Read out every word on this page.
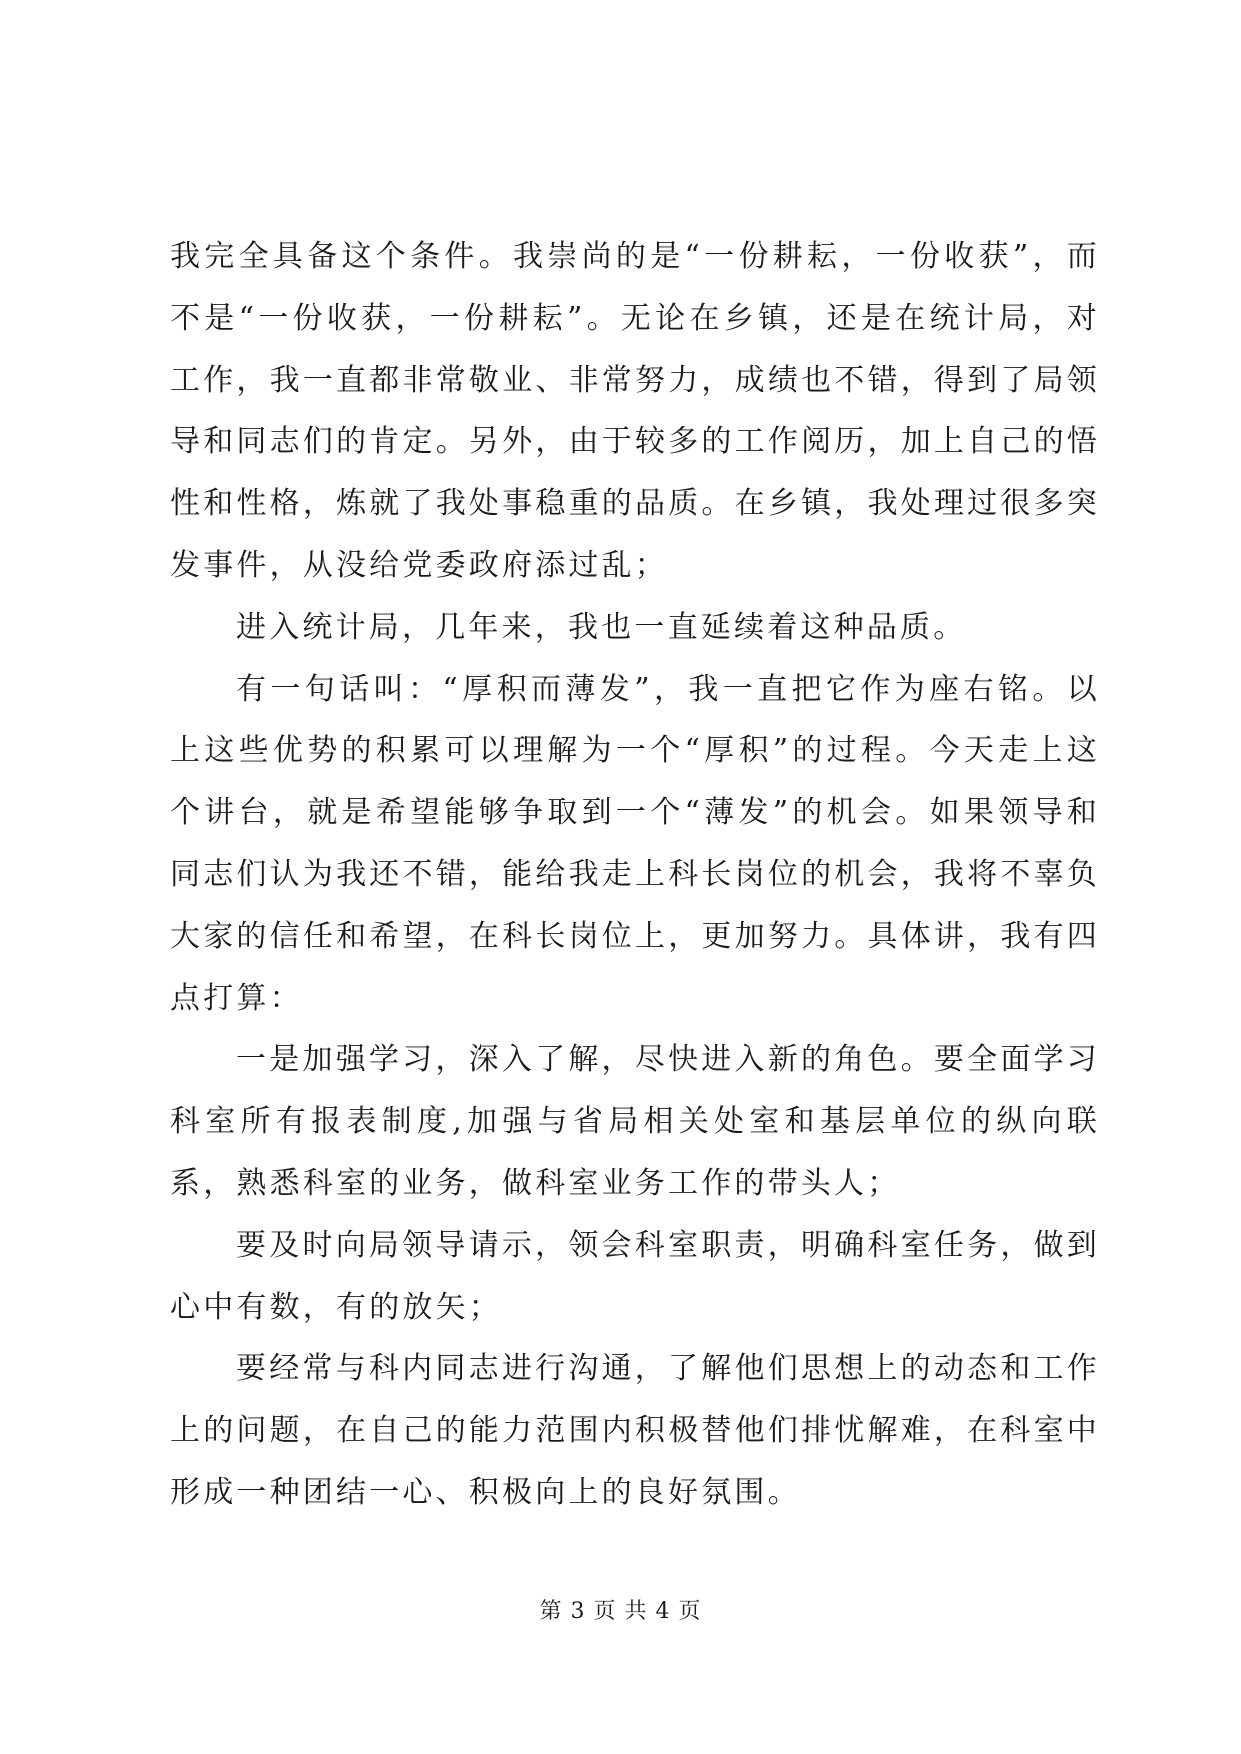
我完全具备这个条件。我崇尚的是“一份耕耘，一份收获”，而不是“一份收获，一份耕耘”。无论在乡镇，还是在统计局，对工作，我一直都非常敬业、非常努力，成绩也不错，得到了局领导和同志们的肯定。另外，由于较多的工作阅历，加上自己的悟性和性格，炼就了我处事稳重的品质。在乡镇，我处理过很多突发事件，从没给党委政府添过乱；

进入统计局，几年来，我也一直延续着这种品质。

有一句话叫：“厚积而薄发”，我一直把它作为座右铭。以上这些优势的积累可以理解为一个“厚积”的过程。今天走上这个讲台，就是希望能够争取到一个“薄发”的机会。如果领导和同志们认为我还不错，能给我走上科长岗位的机会，我将不辜负大家的信任和希望，在科长岗位上，更加努力。具体讲，我有四点打算：

一是加强学习，深入了解，尽快进入新的角色。要全面学习科室所有报表制度,加强与省局相关处室和基层单位的纵向联系，熟悉科室的业务，做科室业务工作的带头人；

要及时向局领导请示，领会科室职责，明确科室任务，做到心中有数，有的放矢；

要经常与科内同志进行沟通，了解他们思想上的动态和工作上的问题，在自己的能力范围内积极替他们排忧解难，在科室中形成一种团结一心、积极向上的良好氛围。

第 3 页 共 4 页
